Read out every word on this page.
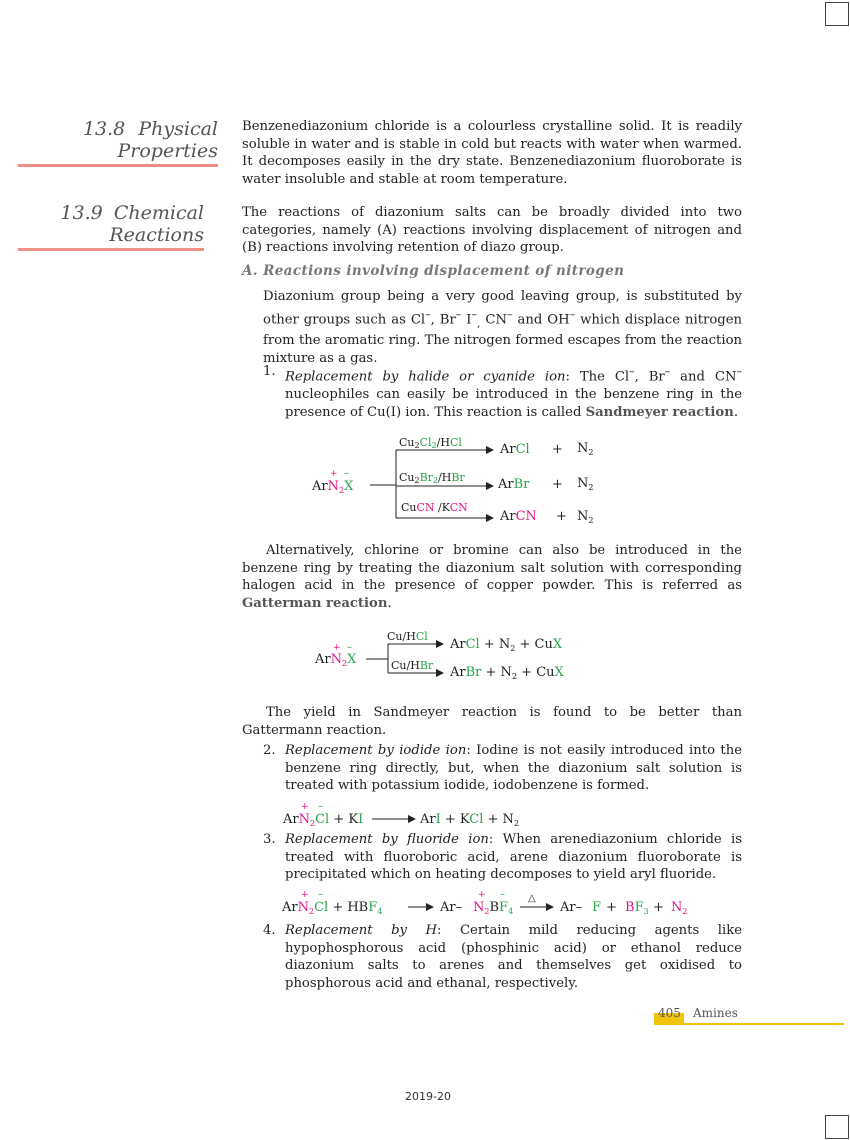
13.8 Physical
Properties
13.9 Chemical
Reactions
Benzenediazonium chloride is a colourless crystalline solid. It is readily soluble in water and is stable in cold but reacts with water when warmed. It decomposes easily in the dry state. Benzenediazonium fluoroborate is water insoluble and stable at room temperature.
The reactions of diazonium salts can be broadly divided into two categories, namely (A) reactions involving displacement of nitrogen and (B) reactions involving retention of diazo group.
A. Reactions involving displacement of nitrogen
Diazonium group being a very good leaving group, is substituted by other groups such as Cl–, Br– $I^-_,$ CN– and OH– which displace nitrogen from the aromatic ring. The nitrogen formed escapes from the reaction mixture as a gas.
1. Replacement by halide or cyanide ion: The Cl–, Br– and CN– nucleophiles can easily be introduced in the benzene ring in the presence of Cu(I) ion. This reaction is called Sandmeyer reaction.
+ –
ArN$_2$X
Cu2Cl2/HCl	ArCl + $N_2$
Cu2Br2/HBr	ArBr + $N_2$
CuCN /KCN
ArCN + $N_2$
Alternatively, chlorine or bromine can also be introduced in the benzene ring by treating the diazonium salt solution with corresponding halogen acid in the presence of copper powder. This is referred as Gatterman reaction.
+ –
ArN$_2$X
Cu/HCl
ArCl + $N_2$ + CuX
Cu/HBr ArBr + $N_2$ + CuX
The yield in Sandmeyer reaction is found to be better than Gattermann reaction.
2. Replacement by iodide ion: Iodine is not easily introduced into the benzene ring directly, but, when the diazonium salt solution is treated with potassium iodide, iodobenzene is formed.
+ –
ArN$_2$Cl + KI	ArI + KCl + $N_2$
3. Replacement by fluoride ion: When arenediazonium chloride is treated with fluoroboric acid, arene diazonium fluoroborate is precipitated which on heating decomposes to yield aryl fluoride.
+ –
$ArN_2Cl + HBF_4$	Ar–
+ –
$N_2BF_4$
△
Ar– $F + BF_3 + N_2$
4. Replacement by H: Certain mild reducing agents like hypophosphorous acid (phosphinic acid) or ethanol reduce diazonium salts to arenes and themselves get oxidised to phosphorous acid and ethanal, respectively.
405 Amines
2019-20
